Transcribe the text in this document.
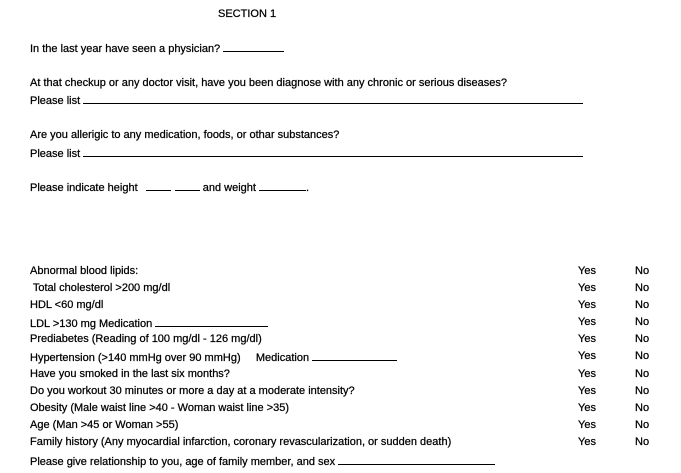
SECTION 1
In the last year have seen a physician?
At that checkup or any doctor visit, have you been diagnose with any chronic or serious diseases?
Please list
Are you allerigic to any medication, foods, or othar substances?
Please list
Please indicate height	and weight	.
Abnormal blood lipids:	Yes	No
Total cholesterol >200 mg/dl	Yes	No
HDL <60 mg/dl	Yes	No
LDL >130 mg Medication	Yes	No
Prediabetes (Reading of 100 mg/dl - 126 mg/dl)	Yes	No
Hypertension (>140 mmHg over 90 mmHg)     Medication	Yes	No
Have you smoked in the last six months?	Yes	No
Do you workout 30 minutes or more a day at a moderate intensity?	Yes	No
Obesity (Male waist line >40 - Woman waist line >35)	Yes	No
Age (Man >45 or Woman >55)	Yes	No
Family history (Any myocardial infarction, coronary revascularization, or sudden death)	Yes	No
Please give relationship to you, age of family member, and sex
